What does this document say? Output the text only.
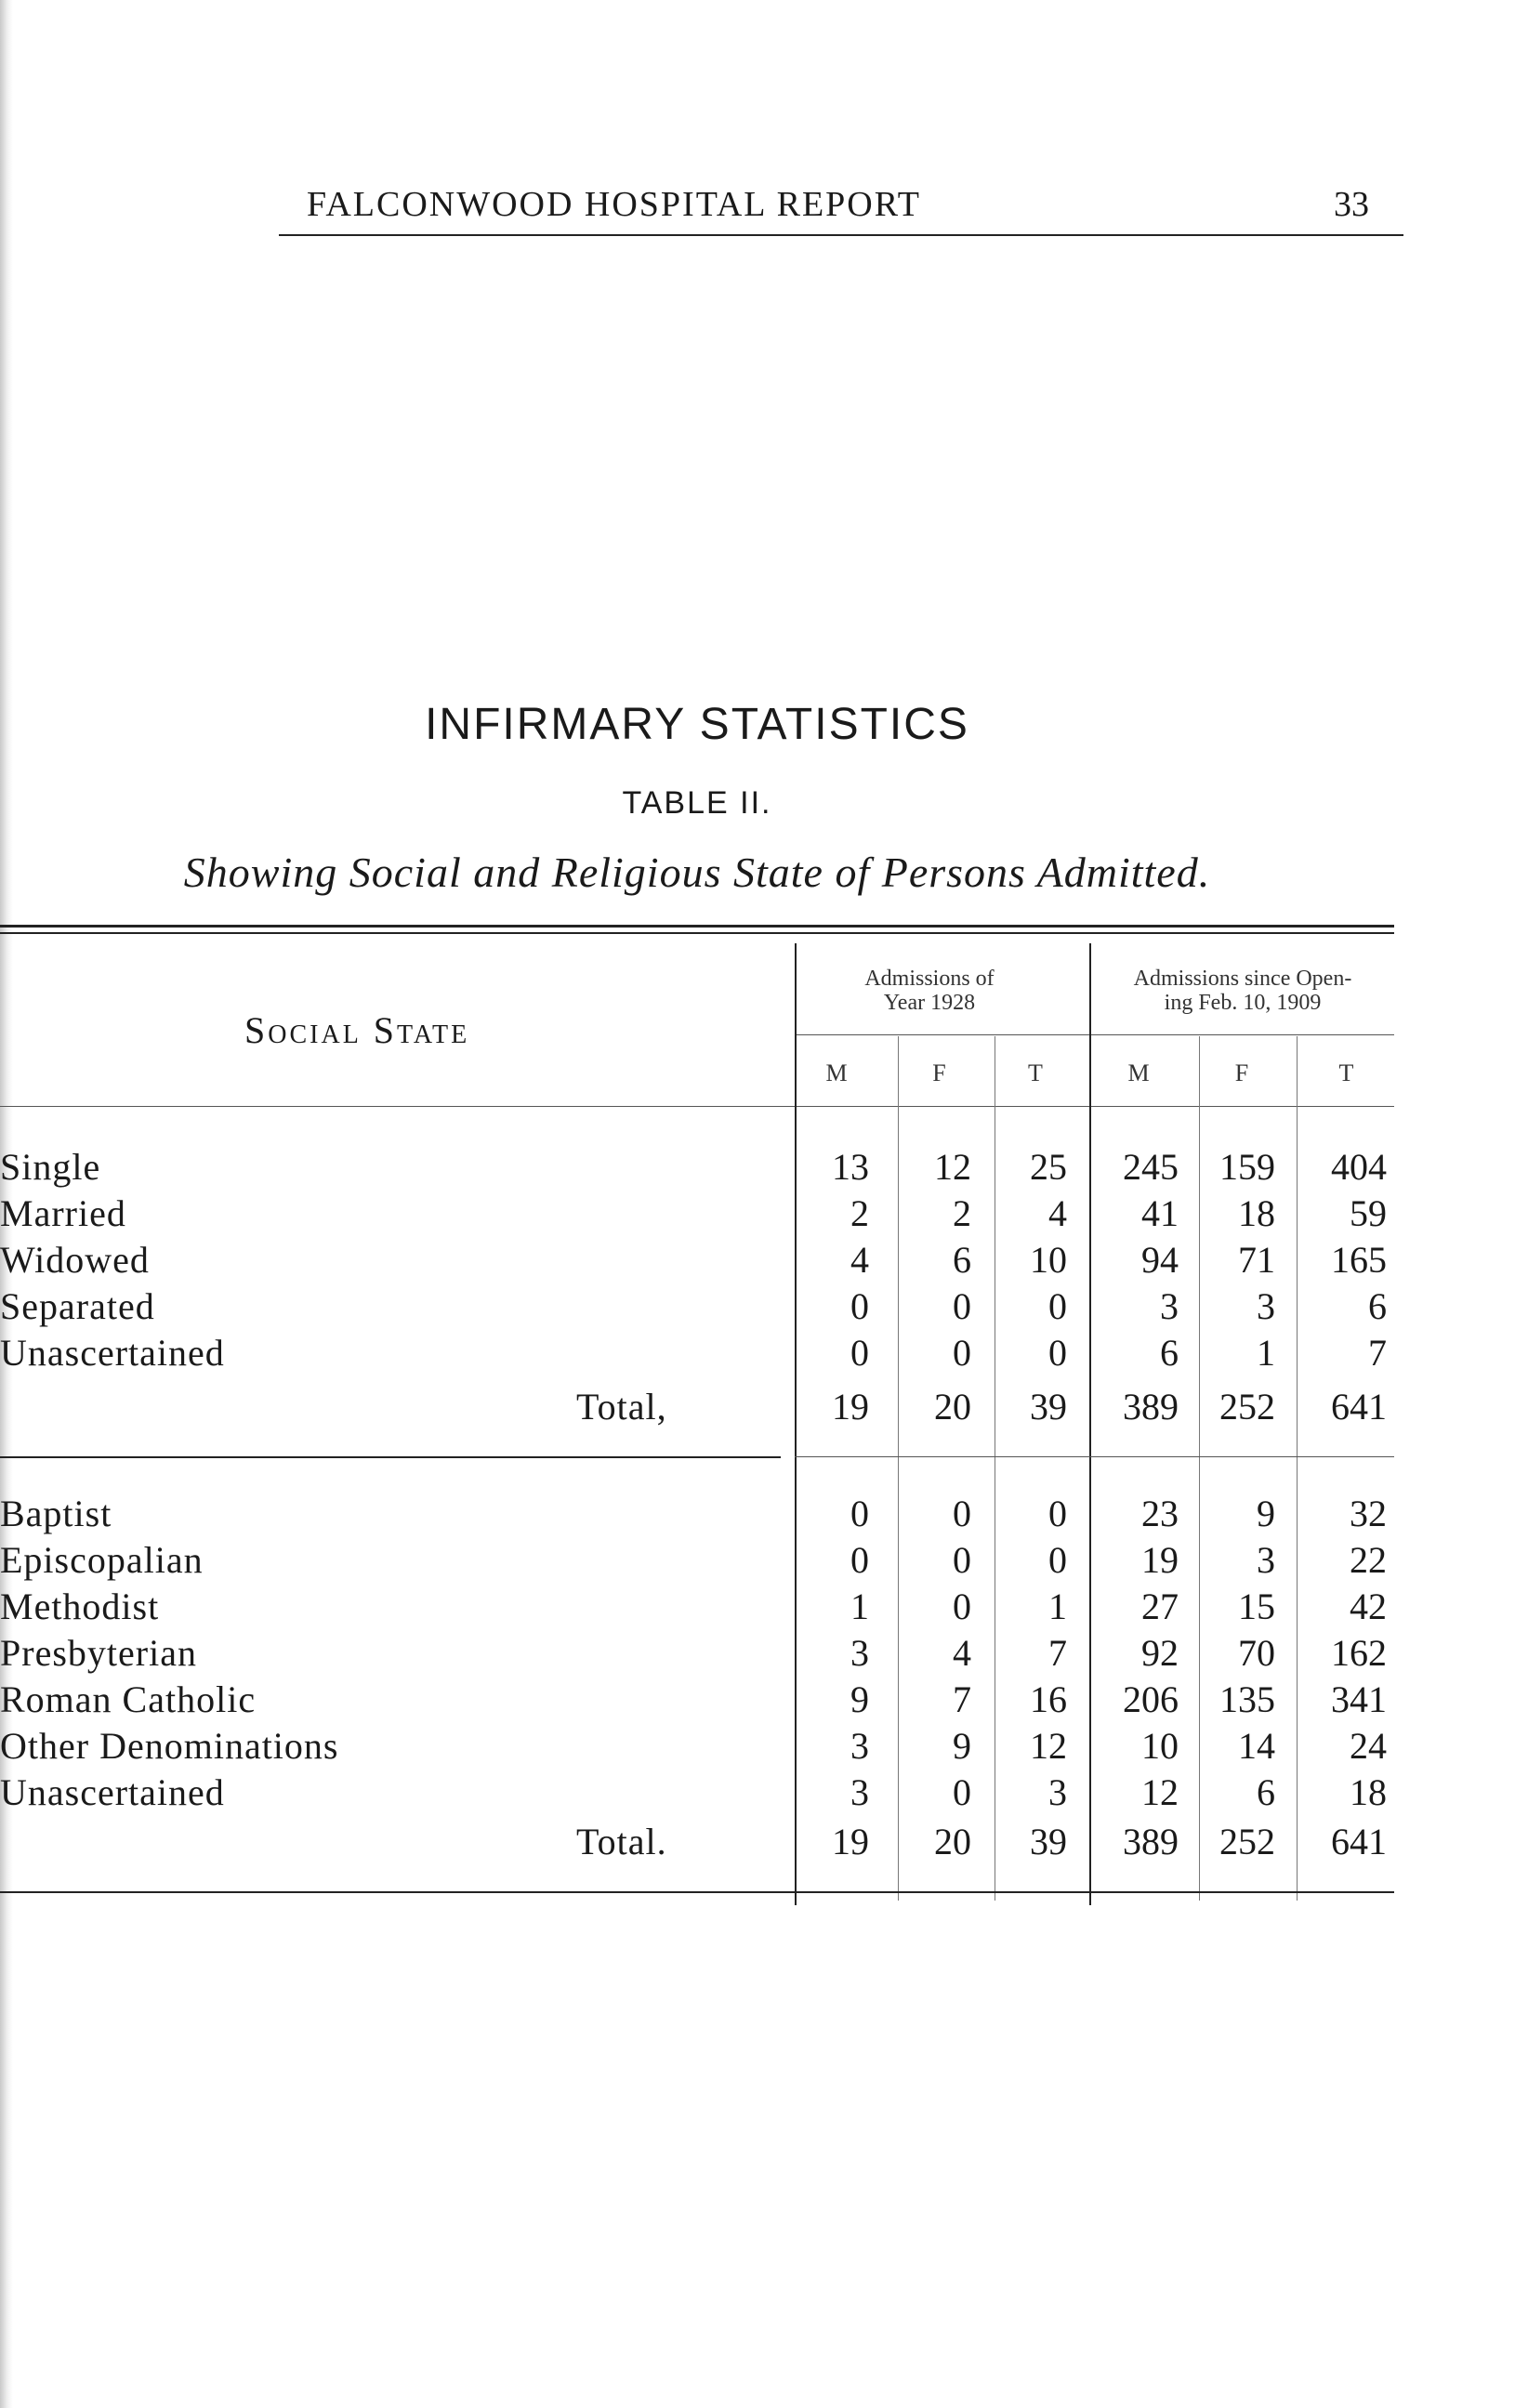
FALCONWOOD HOSPITAL REPORT	33
INFIRMARY STATISTICS
TABLE II.
Showing Social and Religious State of Persons Admitted.
Social State
Admissions of
Year 1928
Admissions since Open-
ing Feb. 10, 1909
M	F	T	M	F	T
Single	13	12	25	245	159	404
Married	2	2	4	41	18	59
Widowed	4	6	10	94	71	165
Separated	0	0	0	3	3	6
Unascertained	0	0	0	6	1	7
Total,	19	20	39	389	252	641
Baptist	0	0	0	23	9	32
Episcopalian	0	0	0	19	3	22
Methodist	1	0	1	27	15	42
Presbyterian	3	4	7	92	70	162
Roman Catholic	9	7	16	206	135	341
Other Denominations	3	9	12	10	14	24
Unascertained	3	0	3	12	6	18
Total.	19	20	39	389	252	641
